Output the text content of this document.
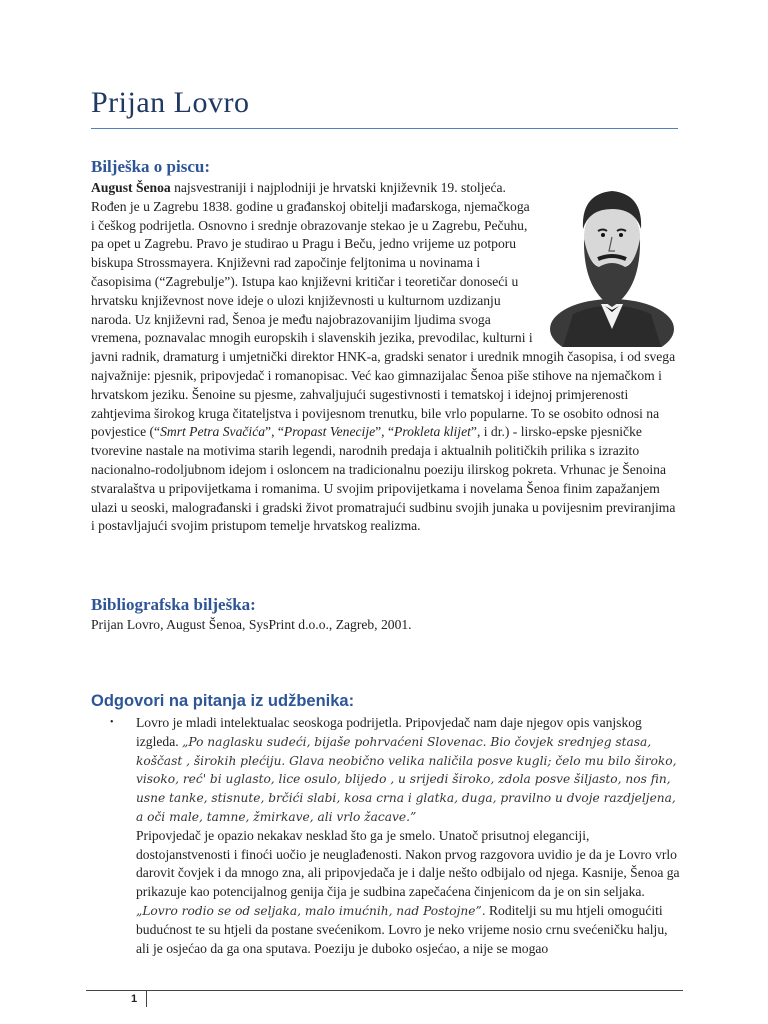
Prijan Lovro
Bilješka o piscu:
August Šenoa najsvestraniji i najplodniji je hrvatski književnik 19. stoljeća. Rođen je u Zagrebu 1838. godine u građanskoj obitelji mađarskoga, njemačkoga i češkog podrijetla. Osnovno i srednje obrazovanje stekao je u Zagrebu, Pečuhu, pa opet u Zagrebu. Pravo je studirao u Pragu i Beču, jedno vrijeme uz potporu biskupa Strossmayera. Književni rad započinje feljtonima u novinama i časopisima (“Zagrebulje”). Istupa kao književni kritičar i teoretičar donoseći u hrvatsku književnost nove ideje o ulozi književnosti u kulturnom uzdizanju naroda. Uz književni rad, Šenoa je među najobrazovanijim ljudima svoga vremena, poznavalac mnogih europskih i slavenskih jezika, prevodilac, kulturni i javni radnik, dramaturg i umjetnički direktor HNK-a, gradski senator i urednik mnogih časopisa, i od svega najvažnije: pjesnik, pripovjedač i romanopisac. Već kao gimnazijalac Šenoa piše stihove na njemačkom i hrvatskom jeziku. Šenoine su pjesme, zahvaljujući sugestivnosti i tematskoj i idejnoj primjerenosti zahtjevima širokog kruga čitateljstva i povijesnom trenutku, bile vrlo popularne. To se osobito odnosi na povjestice (“Smrt Petra Svačića”, “Propast Venecije”, “Prokleta klijet”, i dr.) - lirsko-epske pjesničke tvorevine nastale na motivima starih legendi, narodnih predaja i aktualnih političkih prilika s izrazito nacionalno-rodoljubnom idejom i osloncem na tradicionalnu poeziju ilirskog pokreta. Vrhunac je Šenoina stvaralaštva u pripovijetkama i romanima. U svojim pripovijetkama i novelama Šenoa finim zapažanjem ulazi u seoski, malograđanski i gradski život promatrajući sudbinu svojih junaka u povijesnim previranjima i postavljajući svojim pristupom temelje hrvatskog realizma.
Bibliografska bilješka:
Prijan Lovro, August Šenoa, SysPrint d.o.o., Zagreb, 2001.
Odgovori na pitanja iz udžbenika:
• Lovro je mladi intelektualac seoskoga podrijetla. Pripovjedač nam daje njegov opis vanjskog izgleda. „Po naglasku sudeći, bijaše pohrvaćeni Slovenac. Bio čovjek srednjeg stasa, koščast , širokih plećiju. Glava neobično velika naličila posve kugli; čelo mu bilo široko, visoko, reć' bi uglasto, lice osulo, blijedo , u srijedi široko, zdola posve šiljasto, nos fin, usne tanke, stisnute, brčići slabi, kosa crna i glatka, duga, pravilno u dvoje razdjeljena, a oči male, tamne, žmirkave, ali vrlo žacave.”
Pripovjedač je opazio nekakav nesklad što ga je smelo. Unatoč prisutnoj eleganciji, dostojanstvenosti i finoći uočio je neuglađenosti. Nakon prvog razgovora uvidio je da je Lovro vrlo darovit čovjek i da mnogo zna, ali pripovjedača je i dalje nešto odbijalo od njega. Kasnije, Šenoa ga prikazuje kao potencijalnog genija čija je sudbina zapečaćena činjenicom da je on sin seljaka. „Lovro rodio se od seljaka, malo imućnih, nad Postojne”. Roditelji su mu htjeli omogućiti budućnost te su htjeli da postane svećenikom. Lovro je neko vrijeme nosio crnu svećeničku halju, ali je osjećao da ga ona sputava. Poeziju je duboko osjećao, a nije se mogao
1
